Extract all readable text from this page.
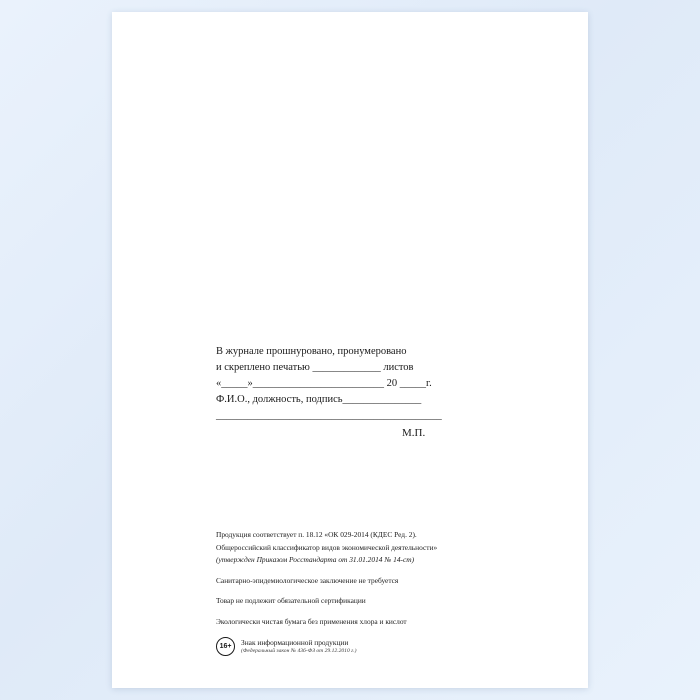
В журнале прошнуровано, пронумеровано
и скреплено печатью _____________ листов
«_____»_________________________ 20 _____г.
Ф.И.О., должность, подпись_______________
___________________________________________
М.П.
Продукция соответствует п. 18.12 «ОК 029-2014 (КДЕС Ред. 2).
Общероссийский классификатор видов экономической деятельности»
(утвержден Приказом Росстандарта от 31.01.2014 № 14-ст)
Санитарно-эпидемиологическое заключение не требуется
Товар не подлежит обязательной сертификации
Экологически чистая бумага без применения хлора и кислот
16+	Знак информационной продукции
(Федеральный закон № 436-ФЗ от 29.12.2010 г.)
